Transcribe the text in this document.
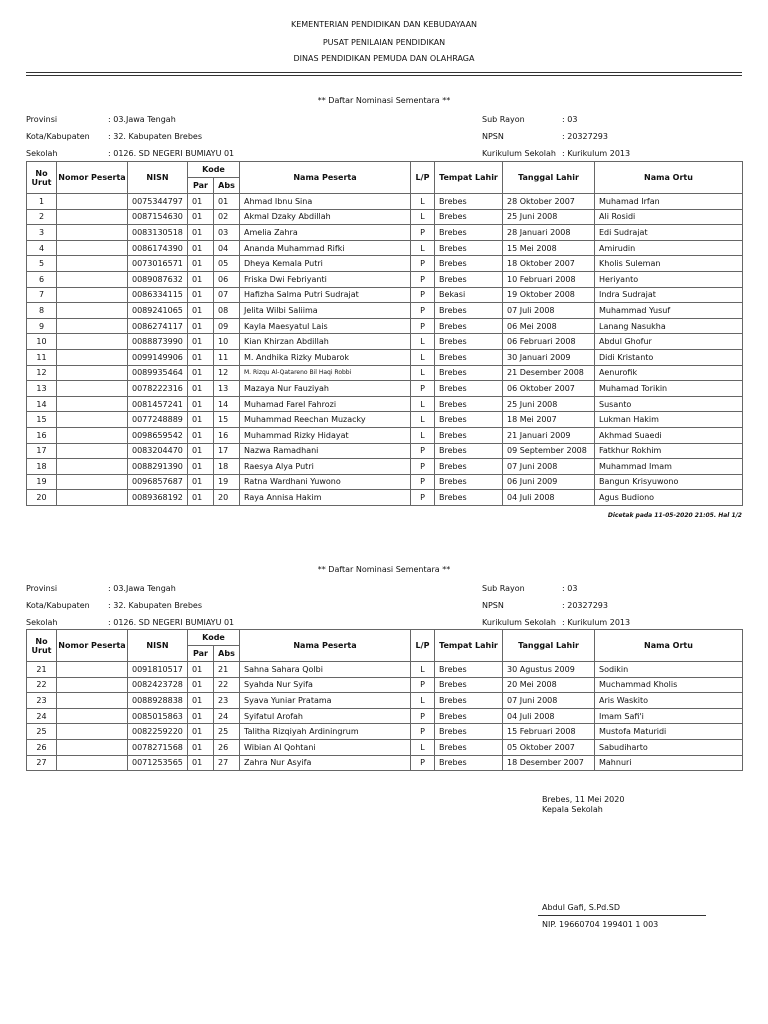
KEMENTERIAN PENDIDIKAN DAN KEBUDAYAAN
PUSAT PENILAIAN PENDIDIKAN
DINAS PENDIDIKAN PEMUDA DAN OLAHRAGA
** Daftar Nominasi Sementara **
Provinsi	: 03.Jawa Tengah
Kota/Kabupaten : 32. Kabupaten Brebes
Sekolah	: 0126. SD NEGERI BUMIAYU 01
Sub Rayon	: 03
NPSN	: 20327293
Kurikulum Sekolah : Kurikulum 2013
No Urut	Nomor Peserta	NISN	Kode		Nama Peserta	L/P	Tempat Lahir	Tanggal Lahir	Nama Ortu
			Par	Abs					
1		0075344797	01	01	Ahmad Ibnu Sina	L	Brebes	28 Oktober 2007	Muhamad Irfan
2		0087154630	01	02	Akmal Dzaky Abdillah	L	Brebes	25 Juni 2008	Ali Rosidi
3		0083130518	01	03	Amelia Zahra	P	Brebes	28 Januari 2008	Edi Sudrajat
4		0086174390	01	04	Ananda Muhammad Rifki	L	Brebes	15 Mei 2008	Amirudin
5		0073016571	01	05	Dheya Kemala Putri	P	Brebes	18 Oktober 2007	Kholis Suleman
6		0089087632	01	06	Friska Dwi Febriyanti	P	Brebes	10 Februari 2008	Heriyanto
7		0086334115	01	07	Hafizha Salma Putri Sudrajat	P	Bekasi	19 Oktober 2008	Indra Sudrajat
8		0089241065	01	08	Jelita Wilbi Saliima	P	Brebes	07 Juli 2008	Muhammad Yusuf
9		0086274117	01	09	Kayla Maesyatul Lais	P	Brebes	06 Mei 2008	Lanang Nasukha
10		0088873990	01	10	Kian Khirzan Abdillah	L	Brebes	06 Februari 2008	Abdul Ghofur
11		0099149906	01	11	M. Andhika Rizky Mubarok	L	Brebes	30 Januari 2009	Didi Kristanto
12		0089935464	01	12	M. Rizqu Al-Qatareno Bil Haqi Robbi	L	Brebes	21 Desember 2008	Aenurofik
13		0078222316	01	13	Mazaya Nur Fauziyah	P	Brebes	06 Oktober 2007	Muhamad Torikin
14		0081457241	01	14	Muhamad Farel Fahrozi	L	Brebes	25 Juni 2008	Susanto
15		0077248889	01	15	Muhammad Reechan Muzacky	L	Brebes	18 Mei 2007	Lukman Hakim
16		0098659542	01	16	Muhammad Rizky Hidayat	L	Brebes	21 Januari 2009	Akhmad Suaedi
17		0083204470	01	17	Nazwa Ramadhani	P	Brebes	09 September 2008	Fatkhur Rokhim
18		0088291390	01	18	Raesya Alya Putri	P	Brebes	07 Juni 2008	Muhammad Imam
19		0096857687	01	19	Ratna Wardhani Yuwono	P	Brebes	06 Juni 2009	Bangun Krisyuwono
20		0089368192	01	20	Raya Annisa Hakim	P	Brebes	04 Juli 2008	Agus Budiono
Dicetak pada 11-05-2020 21:05. Hal 1/2
** Daftar Nominasi Sementara **
Provinsi	: 03.Jawa Tengah
Kota/Kabupaten : 32. Kabupaten Brebes
Sekolah	: 0126. SD NEGERI BUMIAYU 01
Sub Rayon	: 03
NPSN	: 20327293
Kurikulum Sekolah : Kurikulum 2013
No Urut	Nomor Peserta	NISN	Kode		Nama Peserta	L/P	Tempat Lahir	Tanggal Lahir	Nama Ortu
			Par	Abs					
21		0091810517	01	21	Sahna Sahara Qolbi	L	Brebes	30 Agustus 2009	Sodikin
22		0082423728	01	22	Syahda Nur Syifa	P	Brebes	20 Mei 2008	Muchammad Kholis
23		0088928838	01	23	Syava Yuniar Pratama	L	Brebes	07 Juni 2008	Aris Waskito
24		0085015863	01	24	Syifatul Arofah	P	Brebes	04 Juli 2008	Imam Safi'i
25		0082259220	01	25	Talitha Rizqiyah Ardiningrum	P	Brebes	15 Februari 2008	Mustofa Maturidi
26		0078271568	01	26	Wibian Al Qohtani	L	Brebes	05 Oktober 2007	Sabudiharto
27		0071253565	01	27	Zahra Nur Asyifa	P	Brebes	18 Desember 2007	Mahnuri
Brebes, 11 Mei 2020
Kepala Sekolah
Abdul Gafi, S.Pd.SD
NIP. 19660704 199401 1 003
